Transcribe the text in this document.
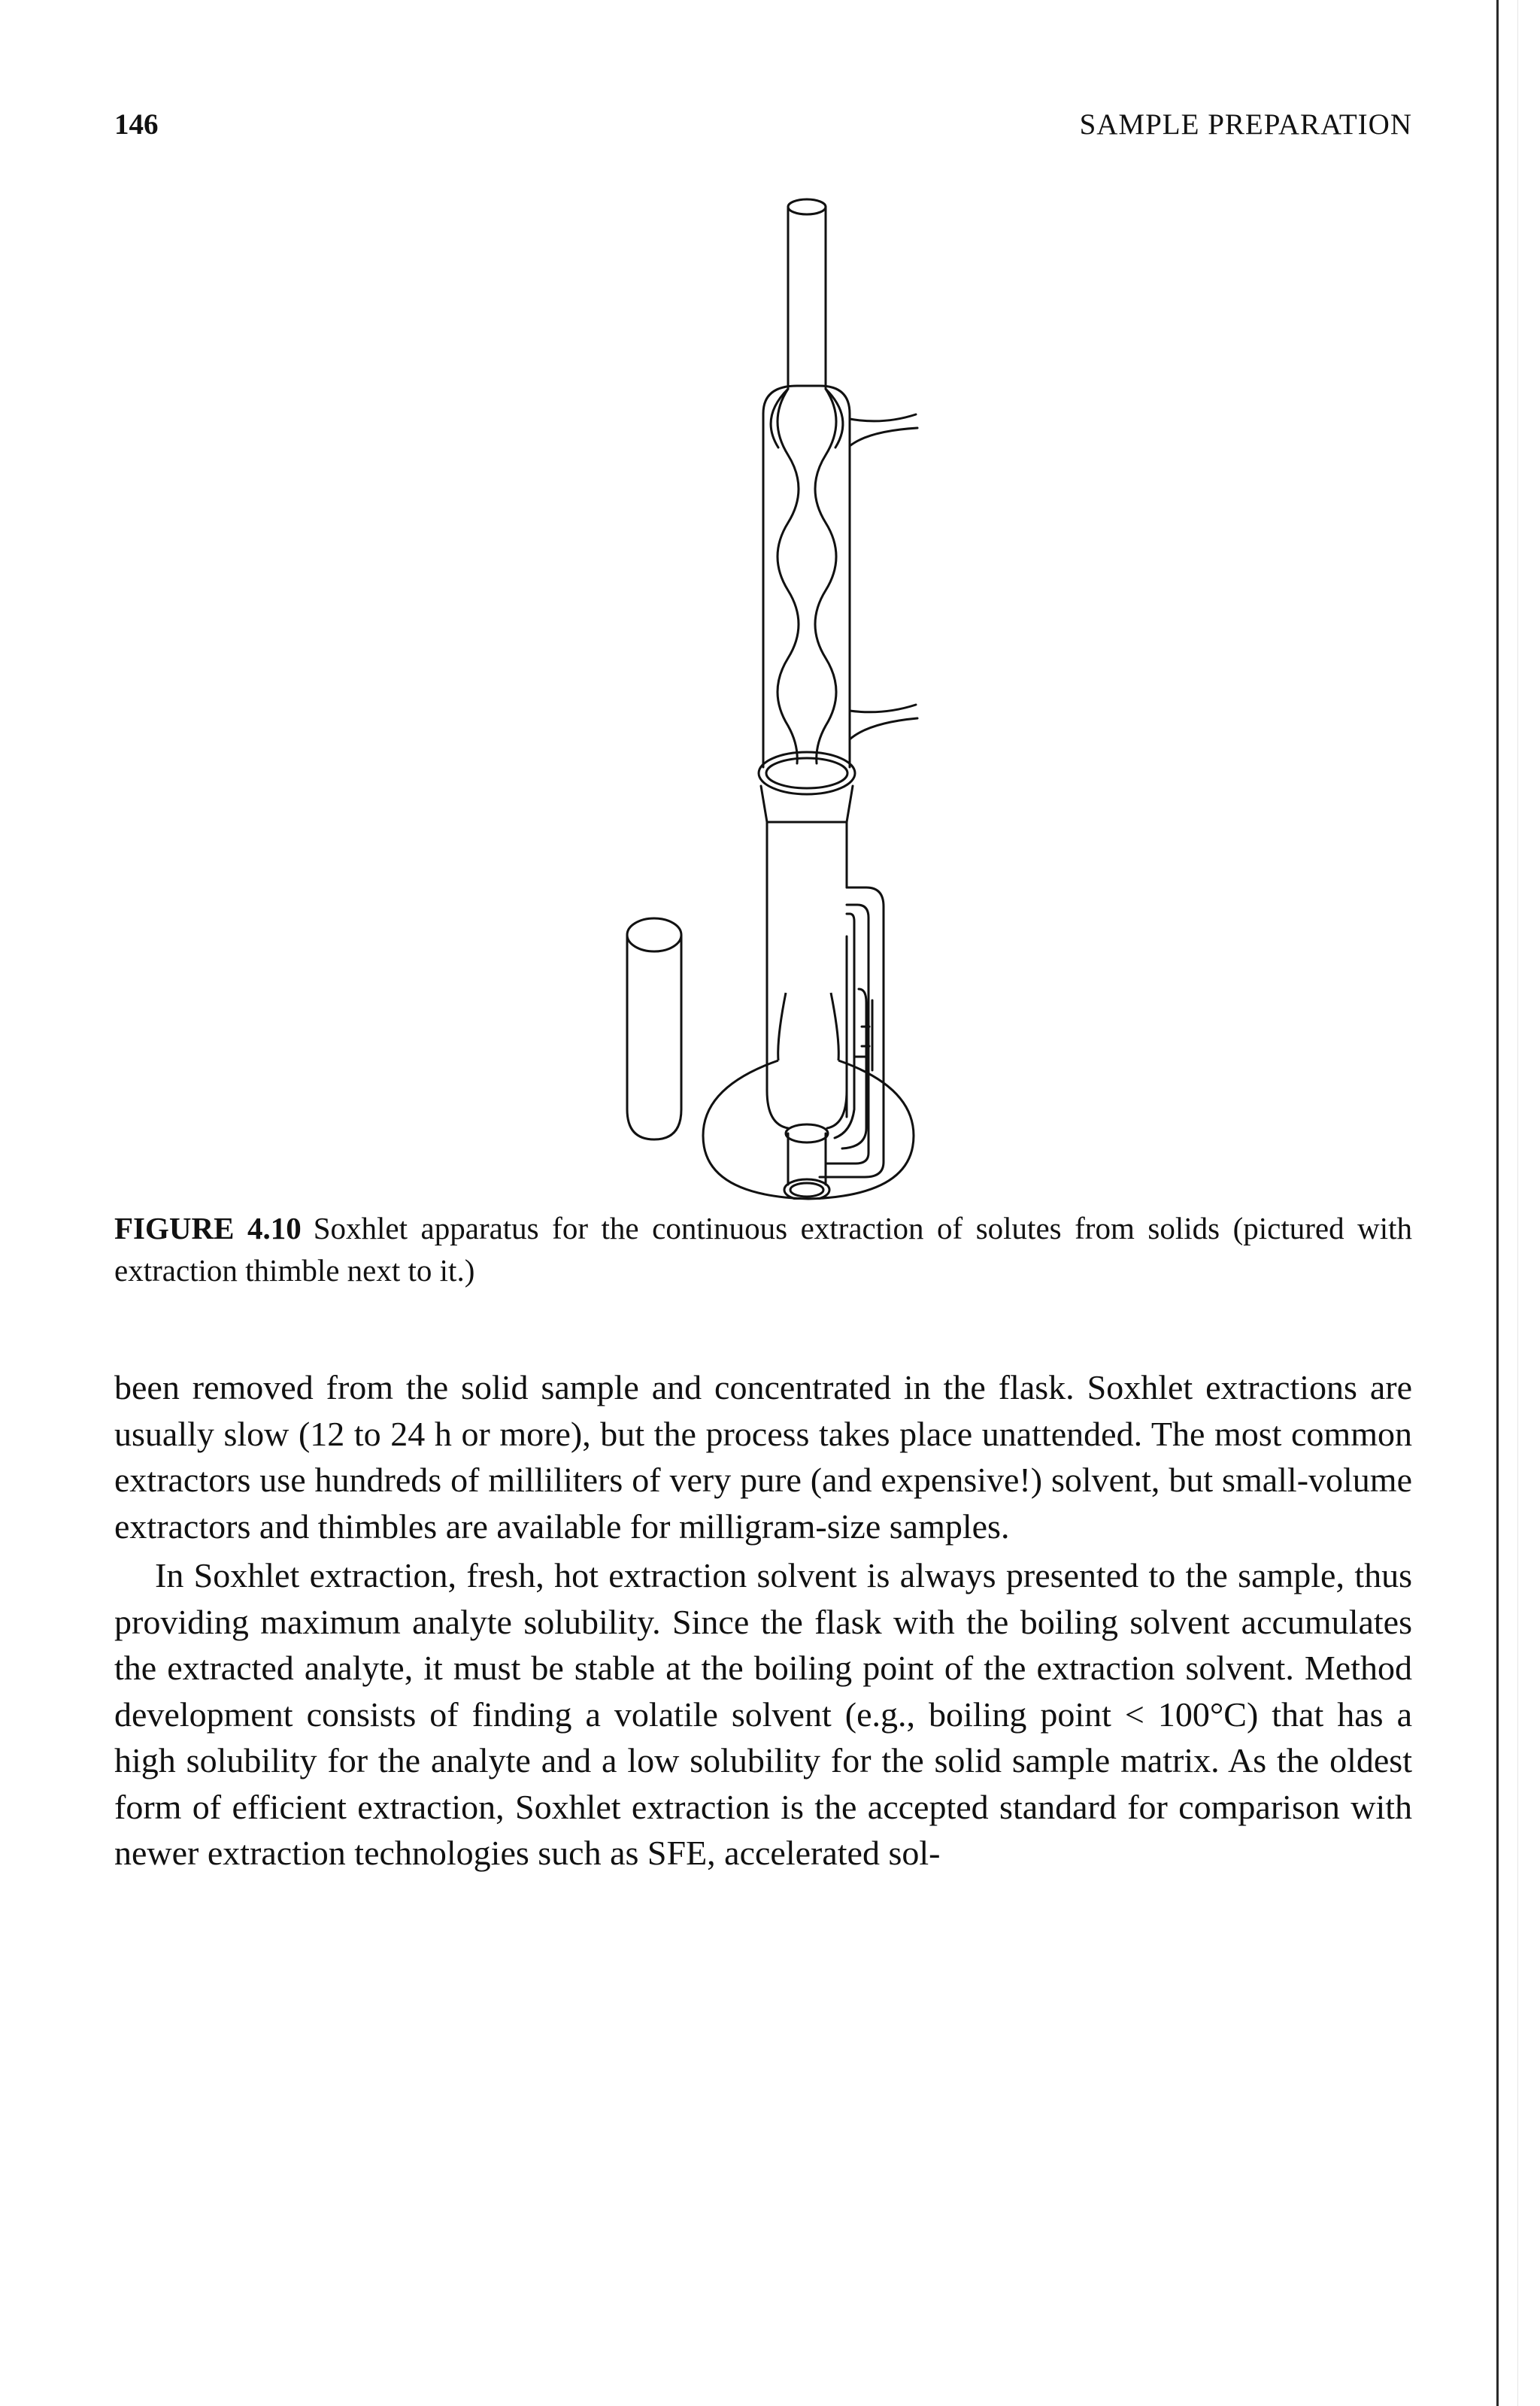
146	SAMPLE PREPARATION
FIGURE 4.10 Soxhlet apparatus for the continuous extraction of solutes from solids (pictured with extraction thimble next to it.)

been removed from the solid sample and concentrated in the flask. Soxhlet extractions are usually slow (12 to 24 h or more), but the process takes place unattended. The most common extractors use hundreds of milliliters of very pure (and expensive!) solvent, but small-volume extractors and thimbles are available for milligram-size samples.

In Soxhlet extraction, fresh, hot extraction solvent is always presented to the sample, thus providing maximum analyte solubility. Since the flask with the boiling solvent accumulates the extracted analyte, it must be stable at the boiling point of the extraction solvent. Method development consists of finding a volatile solvent (e.g., boiling point < 100°C) that has a high solubility for the analyte and a low solubility for the solid sample matrix. As the oldest form of efficient extraction, Soxhlet extraction is the accepted standard for comparison with newer extraction technologies such as SFE, accelerated sol-
